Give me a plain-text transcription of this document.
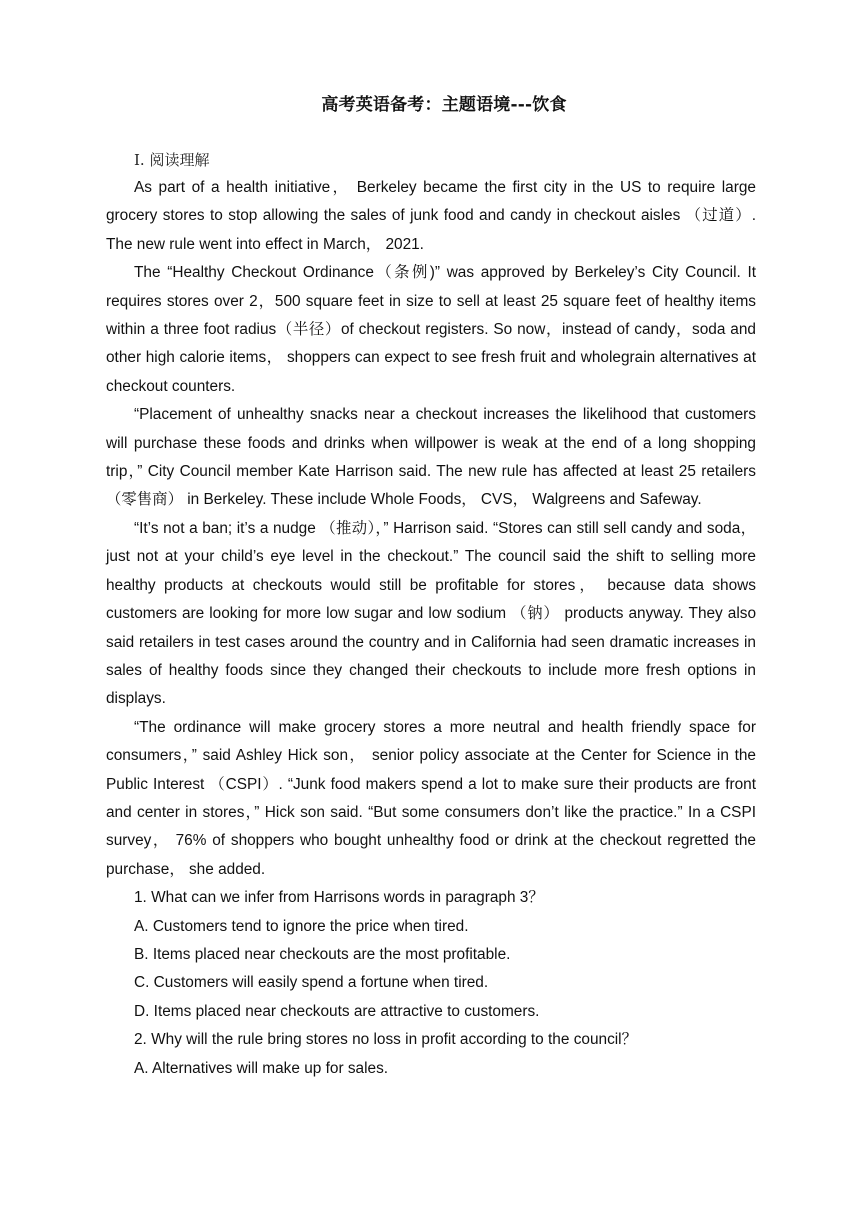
高考英语备考：主题语境---饮食
Ⅰ. 阅读理解

As part of a health initiative， Berkeley became the first city in the US to require large grocery stores to stop allowing the sales of junk food and candy in checkout aisles （过道）. The new rule went into effect in March， 2021.

The “Healthy Checkout Ordinance（条例)” was approved by Berkeley’s City Council. It requires stores over 2，500 square feet in size to sell at least 25 square feet of healthy items within a three foot radius（半径）of checkout registers. So now，instead of candy，soda and other high calorie items， shoppers can expect to see fresh fruit and wholegrain alternatives at checkout counters.

“Placement of unhealthy snacks near a checkout increases the likelihood that customers will purchase these foods and drinks when willpower is weak at the end of a long shopping trip，” City Council member Kate Harrison said. The new rule has affected at least 25 retailers （零售商） in Berkeley. These include Whole Foods， CVS， Walgreens and Safeway.

“It’s not a ban; it’s a nudge （推动），” Harrison said. “Stores can still sell candy and soda， just not at your child’s eye level in the checkout.” The council said the shift to selling more healthy products at checkouts would still be profitable for stores， because data shows customers are looking for more low sugar and low sodium （钠） products anyway. They also said retailers in test cases around the country and in California had seen dramatic increases in sales of healthy foods since they changed their checkouts to include more fresh options in displays.

“The ordinance will make grocery stores a more neutral and health friendly space for consumers，” said Ashley Hick son， senior policy associate at the Center for Science in the Public Interest （CSPI）. “Junk food makers spend a lot to make sure their products are front and center in stores，” Hick son said. “But some consumers don’t like the practice.” In a CSPI survey， 76% of shoppers who bought unhealthy food or drink at the checkout regretted the purchase， she added.

1. What can we infer from Harrisons words in paragraph 3？

A. Customers tend to ignore the price when tired.

B. Items placed near checkouts are the most profitable.

C. Customers will easily spend a fortune when tired.

D. Items placed near checkouts are attractive to customers.

2. Why will the rule bring stores no loss in profit according to the council？

A. Alternatives will make up for sales.
